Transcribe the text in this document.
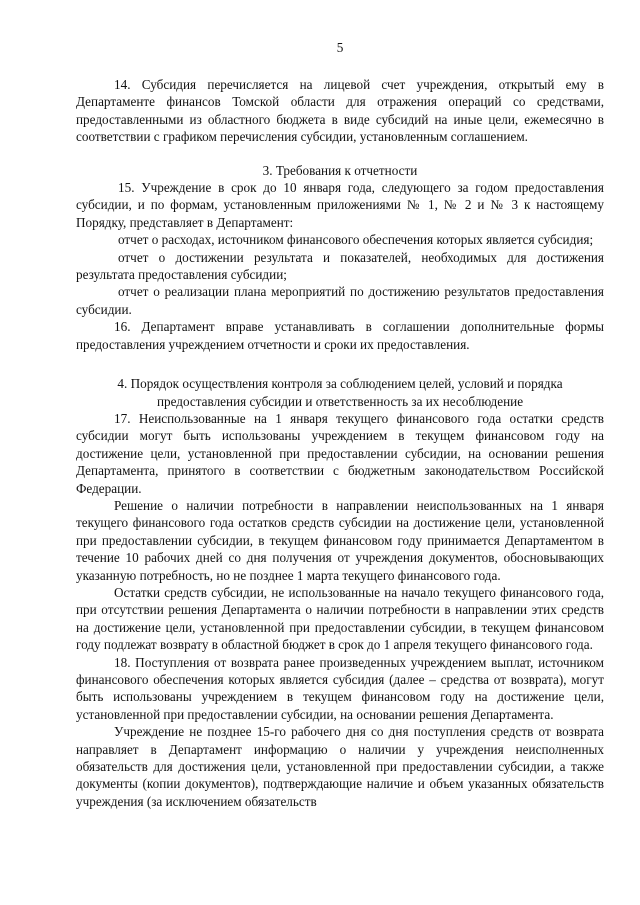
5

14. Субсидия перечисляется на лицевой счет учреждения, открытый ему в Департаменте финансов Томской области для отражения операций со средствами, предоставленными из областного бюджета в виде субсидий на иные цели, ежемесячно в соответствии с графиком перечисления субсидии, установленным соглашением.

3. Требования к отчетности

15. Учреждение в срок до 10 января года, следующего за годом предоставления субсидии, и по формам, установленным приложениями № 1, № 2 и № 3 к настоящему Порядку, представляет в Департамент:

отчет о расходах, источником финансового обеспечения которых является субсидия;

отчет о достижении результата и показателей, необходимых для достижения результата предоставления субсидии;

отчет о реализации плана мероприятий по достижению результатов предоставления субсидии.

16. Департамент вправе устанавливать в соглашении дополнительные формы предоставления учреждением отчетности и сроки их предоставления.

4. Порядок осуществления контроля за соблюдением целей, условий и порядка
предоставления субсидии и ответственность за их несоблюдение

17. Неиспользованные на 1 января текущего финансового года остатки средств субсидии могут быть использованы учреждением в текущем финансовом году на достижение цели, установленной при предоставлении субсидии, на основании решения Департамента, принятого в соответствии с бюджетным законодательством Российской Федерации.

Решение о наличии потребности в направлении неиспользованных на 1 января текущего финансового года остатков средств субсидии на достижение цели, установленной при предоставлении субсидии, в текущем финансовом году принимается Департаментом в течение 10 рабочих дней со дня получения от учреждения документов, обосновывающих указанную потребность, но не позднее 1 марта текущего финансового года.

Остатки средств субсидии, не использованные на начало текущего финансового года, при отсутствии решения Департамента о наличии потребности в направлении этих средств на достижение цели, установленной при предоставлении субсидии, в текущем финансовом году подлежат возврату в областной бюджет в срок до 1 апреля текущего финансового года.

18. Поступления от возврата ранее произведенных учреждением выплат, источником финансового обеспечения которых является субсидия (далее – средства от возврата), могут быть использованы учреждением в текущем финансовом году на достижение цели, установленной при предоставлении субсидии, на основании решения Департамента.

Учреждение не позднее 15-го рабочего дня со дня поступления средств от возврата направляет в Департамент информацию о наличии у учреждения неисполненных обязательств для достижения цели, установленной при предоставлении субсидии, а также документы (копии документов), подтверждающие наличие и объем указанных обязательств учреждения (за исключением обязательств
